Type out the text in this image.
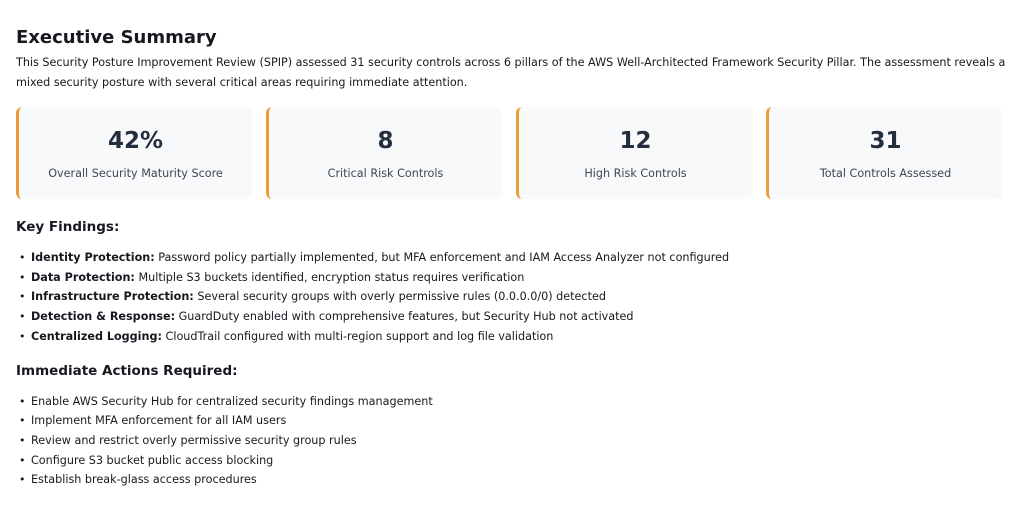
Executive Summary

This Security Posture Improvement Review (SPIP) assessed 31 security controls across 6 pillars of the AWS Well-Architected Framework Security Pillar. The assessment reveals a mixed security posture with several critical areas requiring immediate attention.

42%
Overall Security Maturity Score
8
Critical Risk Controls
12
High Risk Controls
31
Total Controls Assessed
Key Findings:
• Identity Protection: Password policy partially implemented, but MFA enforcement and IAM Access Analyzer not configured
• Data Protection: Multiple S3 buckets identified, encryption status requires verification
• Infrastructure Protection: Several security groups with overly permissive rules (0.0.0.0/0) detected
• Detection & Response: GuardDuty enabled with comprehensive features, but Security Hub not activated
• Centralized Logging: CloudTrail configured with multi-region support and log file validation
Immediate Actions Required:
• Enable AWS Security Hub for centralized security findings management
• Implement MFA enforcement for all IAM users
• Review and restrict overly permissive security group rules
• Configure S3 bucket public access blocking
• Establish break-glass access procedures
